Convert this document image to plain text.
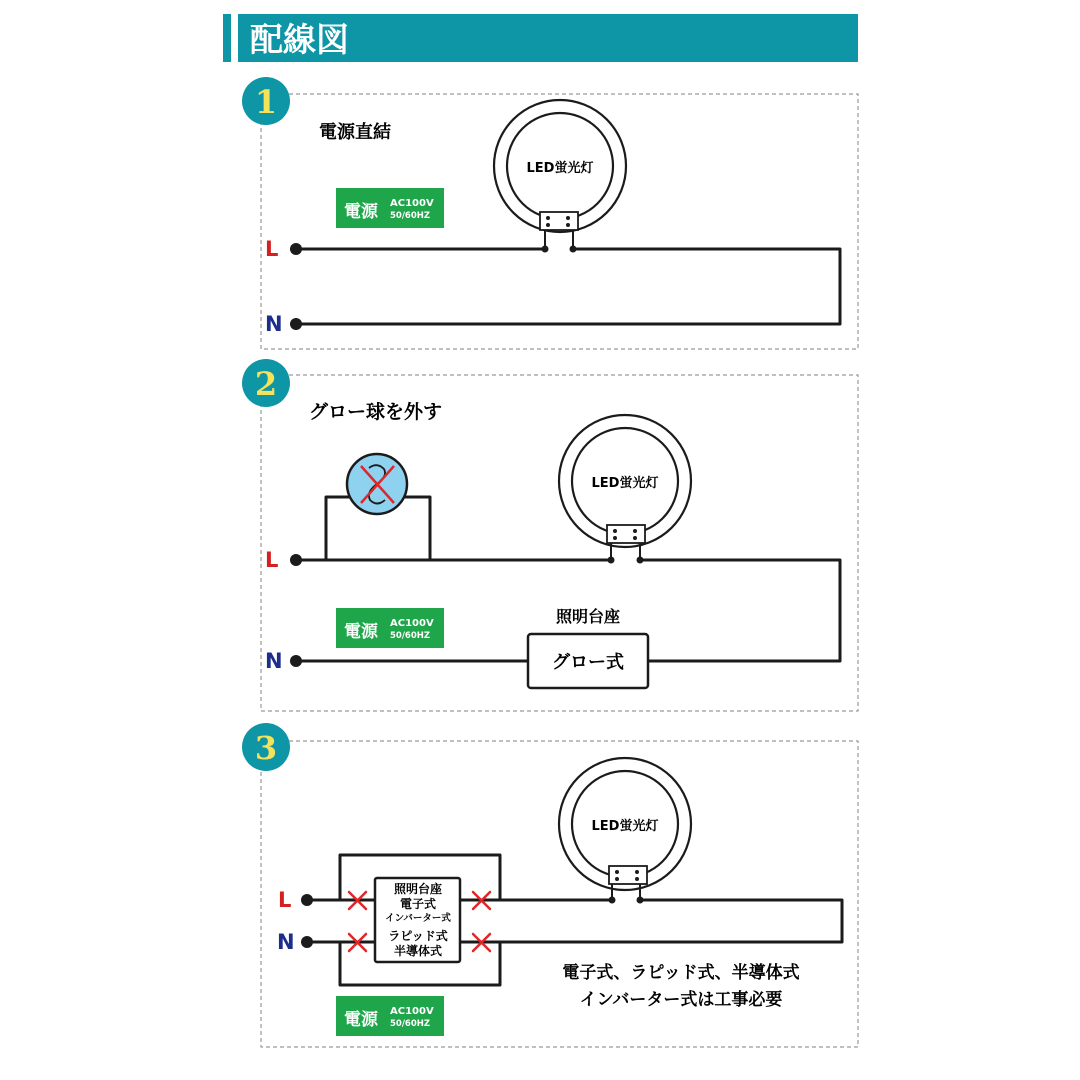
配線図
1
電源直結
電源 AC100V
50/60HZ
LED蛍光灯
L
N
2
グロー球を外す
LED蛍光灯
電源 AC100V
50/60HZ
照明台座
グロー式
L
N
3
LED蛍光灯
照明台座
電子式
インバーター式
ラピッド式
半導体式
L
N
電源 AC100V
50/60HZ
電子式、ラピッド式、半導体式
インバーター式は工事必要
